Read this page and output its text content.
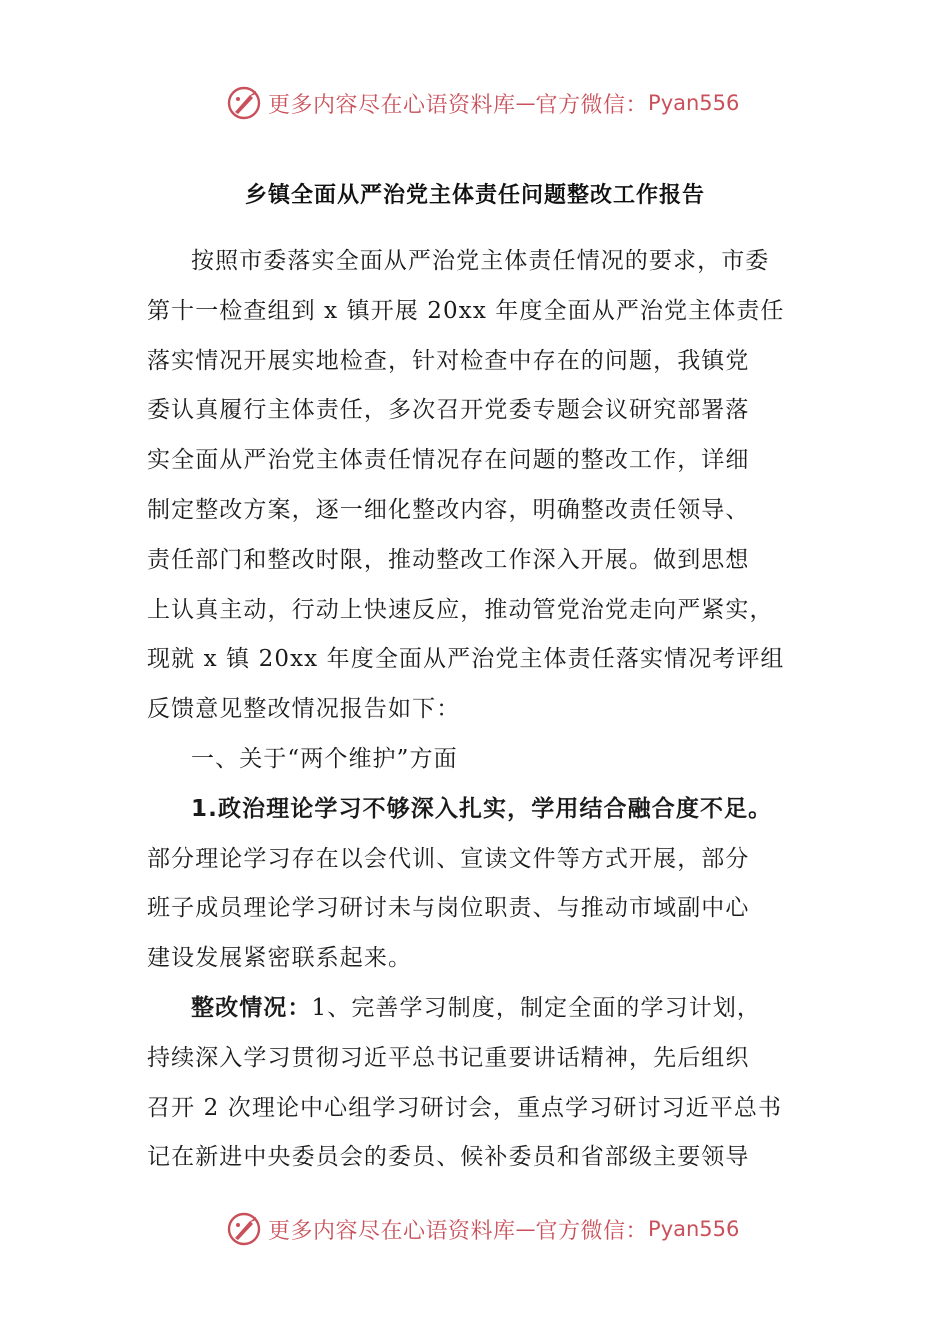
更多内容尽在心语资料库 — 官方微信： Pyan556
乡镇全面从严治党主体责任问题整改工作报告
按照市委落实全面从严治党主体责任情况的要求，市委
第十一检查组到 x 镇开展 20xx 年度全面从严治党主体责任
落实情况开展实地检查，针对检查中存在的问题，我镇党
委认真履行主体责任，多次召开党委专题会议研究部署落
实全面从严治党主体责任情况存在问题的整改工作，详细
制定整改方案，逐一细化整改内容，明确整改责任领导、
责任部门和整改时限，推动整改工作深入开展。做到思想
上认真主动，行动上快速反应，推动管党治党走向严紧实，
现就 x 镇 20xx 年度全面从严治党主体责任落实情况考评组
反馈意见整改情况报告如下：
一、关于“两个维护”方面
1.政治理论学习不够深入扎实，学用结合融合度不足。
部分理论学习存在以会代训、宣读文件等方式开展，部分
班子成员理论学习研讨未与岗位职责、与推动市域副中心
建设发展紧密联系起来。
整改情况：1、完善学习制度，制定全面的学习计划，
持续深入学习贯彻习近平总书记重要讲话精神，先后组织
召开 2 次理论中心组学习研讨会，重点学习研讨习近平总书
记在新进中央委员会的委员、候补委员和省部级主要领导
更多内容尽在心语资料库 — 官方微信： Pyan556
